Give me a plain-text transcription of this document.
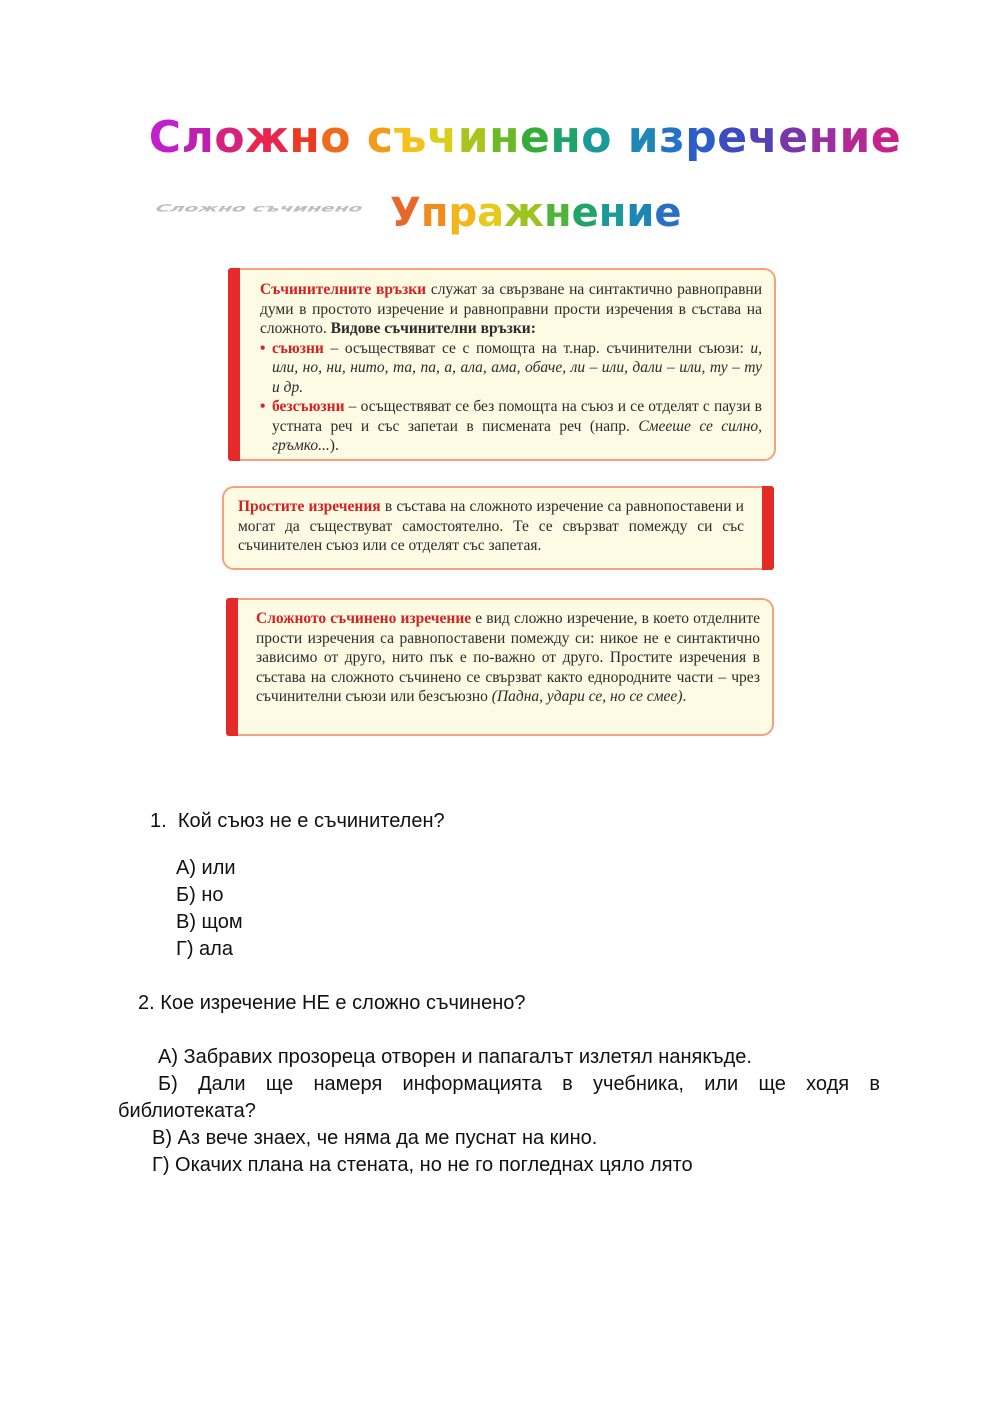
Сложно съчинено изречение
Сложно съчинено Упражнение

Съчинителните връзки служат за свързване на синтактично равноправни думи в простото изречение и равноправни прости изречения в състава на сложното. Видове съчинителни връзки:

• съюзни – осъществяват се с помощта на т.нар. съчинителни съюзи: и, или, но, ни, нито, та, па, а, ала, ама, обаче, ли – или, дали – или, ту – ту и др.

• безсъюзни – осъществяват се без помощта на съюз и се отделят с паузи в устната реч и със запетаи в писмената реч (напр. Смееше се силно, гръмко...).

Простите изречения в състава на сложното изречение са равнопоставени и могат да съществуват самостоятелно. Те се свързват помежду си със съчинителен съюз или се отделят със запетая.

Сложното съчинено изречение е вид сложно изречение, в което отделните прости изречения са равнопоставени помежду си: никое не е синтактично зависимо от друго, нито пък е по-важно от друго. Простите изречения в състава на сложното съчинено се свързват както еднородните части – чрез съчинителни съюзи или безсъюзно (Падна, удари се, но се смее).

1. Кой съюз не е съчинителен?
А) или
Б) но
В) щом
Г) ала
2. Кое изречение НЕ е сложно съчинено?
А) Забравих прозореца отворен и папагалът излетял нанякъде.
Б) Дали ще намеря информацията в учебника, или ще ходя в
библиотеката?
В) Аз вече знаех, че няма да ме пуснат на кино.
Г) Окачих плана на стената, но не го погледнах цяло лято
